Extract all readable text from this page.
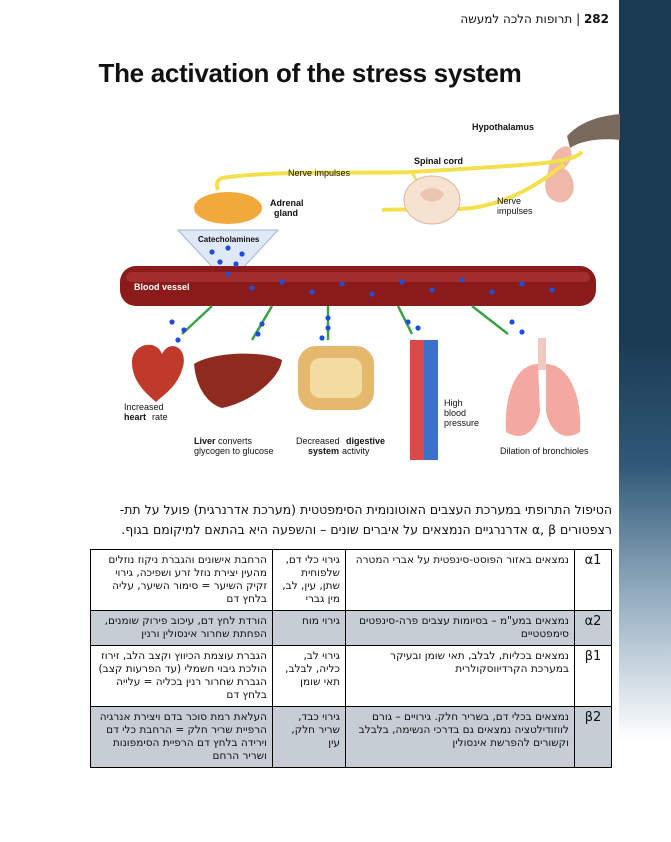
282 | תרופות הלכה למעשה
The activation of the stress system
Hypothalamus
Spinal cord
Nerve impulses
Nerve
impulses
Adrenal
gland
Catecholamines
Blood vessel
Increased
heart rate
Liver converts
glycogen to glucose
Decreased digestive
system activity
High
blood
pressure
Dilation of bronchioles
הטיפול התרופתי במערכת העצבים האוטונומית הסימפטטית (מערכת אדרנרגית) פועל על תת-
רצפטורים α, β אדרנרגיים הנמצאים על איברים שונים – והשפעה היא בהתאם למיקומם בגוף.
α1	נמצאים באזור הפוסט-סינפטית על אברי המטרה	גירוי כלי דם, שלפוחית שתן, עין, לב, מין גברי	הרחבת אישונים והגברת ניקוז נוזלים מהעין יצירת נוזל זרע ושפיכה, גירוי זקיק השיער = סימור השיער, עליה בלחץ דם
α2	נמצאים במע"מ – בסיומות עצבים פרה-סינפטים סימפטטיים	גירוי מוח	הורדת לחץ דם, עיכוב פירוק שומנים, הפחתת שחרור אינסולין ורנין
β1	נמצאים בכליות, לבלב, תאי שומן ובעיקר במערכת הקרדיווסקולרית	גירוי לב, כליה, לבלב, תאי שומן	הגברת עוצמת הכיווץ וקצב הלב, זירוז הולכת גיבוי חשמלי (עד הפרעות קצב) הגברת שחרור רנין בכליה = עלייה בלחץ דם
β2	נמצאים בכלי דם, בשריר חלק. גירויים – גורם לווזודילטציה נמצאים גם בדרכי הנשימה, בלבלב וקשורים להפרשת אינסולין	גירוי כבד, שריר חלק, עין	העלאת רמת סוכר בדם ויצירת אנרגיה הרפיית שריר חלק = הרחבת כלי דם וירידה בלחץ דם הרפיית הסימפונות ושריר הרחם
